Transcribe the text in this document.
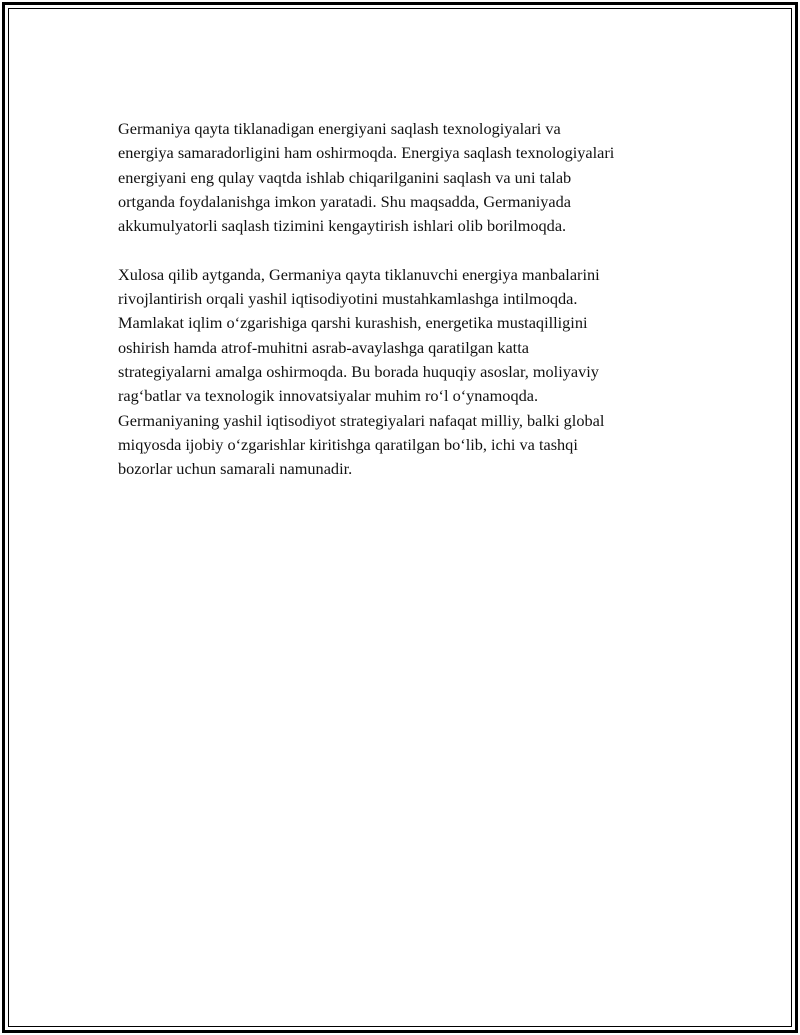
Germaniya qayta tiklanadigan energiyani saqlash texnologiyalari va
energiya samaradorligini ham oshirmoqda. Energiya saqlash texnologiyalari
energiyani eng qulay vaqtda ishlab chiqarilganini saqlash va uni talab
ortganda foydalanishga imkon yaratadi. Shu maqsadda, Germaniyada
akkumulyatorli saqlash tizimini kengaytirish ishlari olib borilmoqda.

Xulosa qilib aytganda, Germaniya qayta tiklanuvchi energiya manbalarini
rivojlantirish orqali yashil iqtisodiyotini mustahkamlashga intilmoqda.
Mamlakat iqlim oʻzgarishiga qarshi kurashish, energetika mustaqilligini
oshirish hamda atrof-muhitni asrab-avaylashga qaratilgan katta
strategiyalarni amalga oshirmoqda. Bu borada huquqiy asoslar, moliyaviy
ragʻbatlar va texnologik innovatsiyalar muhim roʻl oʻynamoqda.
Germaniyaning yashil iqtisodiyot strategiyalari nafaqat milliy, balki global
miqyosda ijobiy oʻzgarishlar kiritishga qaratilgan boʻlib, ichi va tashqi
bozorlar uchun samarali namunadir.
